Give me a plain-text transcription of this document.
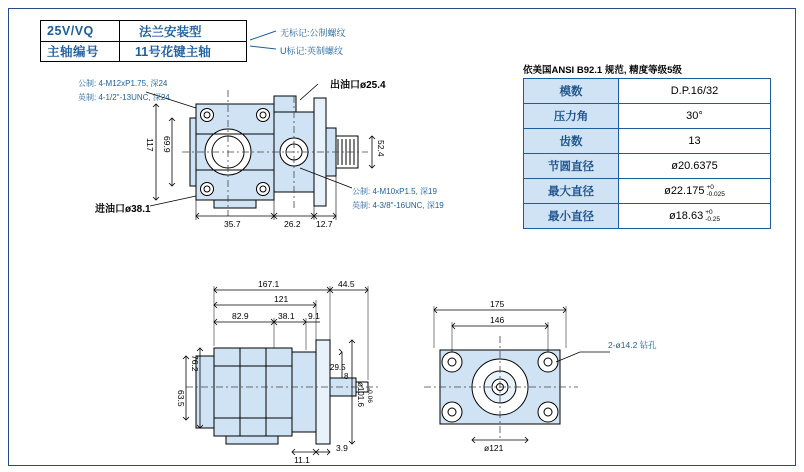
25V/VQ	法兰安装型
主轴编号	11号花键主轴
无标记:公制螺纹
U标记:英制螺纹
依美国ANSI B92.1 规范, 精度等级5级
模数	D.P.16/32
压力角	30°
齿数	13
节圆直径	ø20.6375
最大直径	ø22.175 +0
-0.025

最小直径	ø18.63 +0
-0.25
公制: 4-M12xP1.75, 深24
英制: 4-1/2"-13UNC, 深24
公制: 4-M10xP1.5, 深19
英制: 4-3/8"-16UNC, 深19
出油口ø25.4
进油口ø38.1
117 69.9	52.4
35.7	26.2 12.7
167.1
121
82.9	38.1 9.1
44.5
76.2
63.5
29.5
8
ø101.6 -0.06
11.1
3.9
175
146
ø121
2-ø14.2 钻孔
